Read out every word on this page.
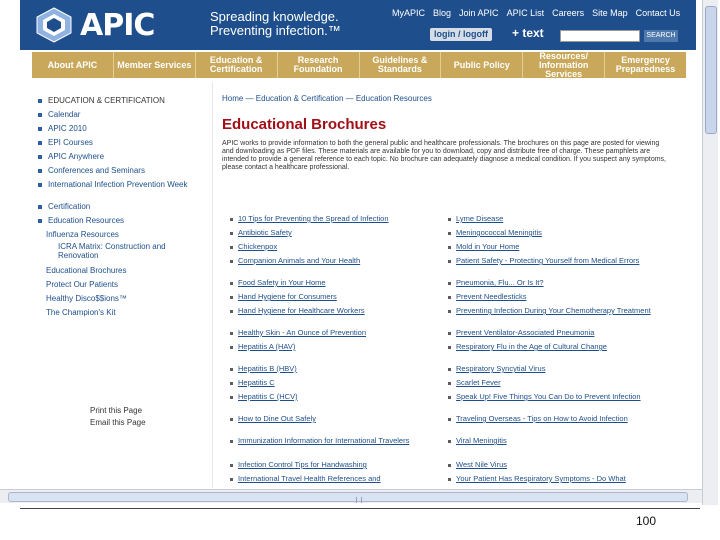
APIC	Spreading knowledge.
Preventing infection.™
MyAPIC Blog Join APIC APIC List Careers Site Map Contact Us
login / logoff	+ text	SEARCH
About APIC	Member Services	Education & Certification
Research Foundation
Guidelines & Standards	Public Policy
Resources/ Information Services
Emergency Preparedness
EDUCATION & CERTIFICATION
Calendar
APIC 2010
EPI Courses
APIC Anywhere
Conferences and Seminars
International Infection Prevention Week
Certification
Education Resources
Influenza Resources
ICRA Matrix: Construction and Renovation
Educational Brochures
Protect Our Patients
Healthy Disco$$ions™
The Champion's Kit
Print this Page
Email this Page
Home — Education & Certification — Education Resources
Educational Brochures
APIC works to provide information to both the general public and healthcare professionals. The brochures on this page are posted for viewing and downloading as PDF files. These materials are available for you to download, copy and distribute free of charge. These pamphlets are intended to provide a general reference to each topic. No brochure can adequately diagnose a medical condition. If you suspect any symptoms, please contact a healthcare professional.
10 Tips for Preventing the Spread of Infection
Antibiotic Safety
Chickenpox
Companion Animals and Your Health
Food Safety in Your Home
Hand Hygiene for Consumers
Hand Hygiene for Healthcare Workers
Healthy Skin - An Ounce of Prevention
Hepatitis A (HAV)
Hepatitis B (HBV)
Hepatitis C
Hepatitis C (HCV)
How to Dine Out Safely
Immunization Information for International Travelers
Infection Control Tips for Handwashing
International Travel Health References and
Lyme Disease
Meningococcal Meningitis
Mold in Your Home
Patient Safety - Protecting Yourself from Medical Errors
Pneumonia, Flu... Or Is It?
Prevent Needlesticks
Preventing Infection During Your Chemotherapy Treatment
Prevent Ventilator-Associated Pneumonia
Respiratory Flu in the Age of Cultural Change
Respiratory Syncytial Virus
Scarlet Fever
Speak Up! Five Things You Can Do to Prevent Infection
Traveling Overseas - Tips on How to Avoid Infection
Viral Meningitis
West Nile Virus
Your Patient Has Respiratory Symptoms - Do What
100
